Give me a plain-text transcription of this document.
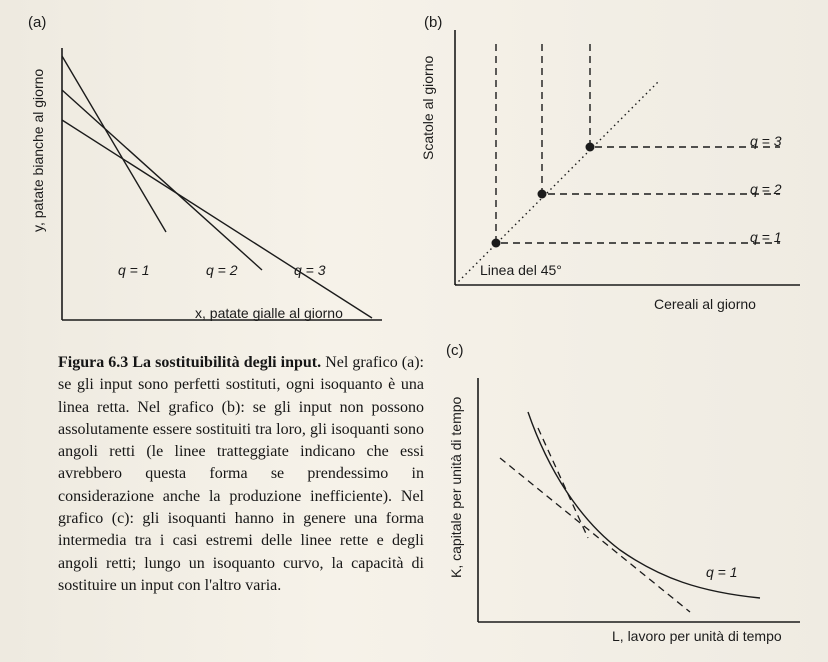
(a)
y, patate bianche al giorno
x, patate gialle al giorno
q = 1	q = 2	q = 3
(b)
Scatole al giorno
Cereali al giorno
Linea del 45°
q = 3
q = 2
q = 1
(c)
K, capitale per unità di tempo
L, lavoro per unità di tempo
q = 1
Figura 6.3 La sostituibilità degli input. Nel grafico (a): se gli input sono perfetti sostituti, ogni isoquanto è una linea retta. Nel grafico (b): se gli input non possono assolutamente essere sostituiti tra loro, gli isoquanti sono angoli retti (le linee tratteggiate indicano che essi avrebbero questa forma se prendessimo in considerazione anche la produzione inefficiente). Nel grafico (c): gli isoquanti hanno in genere una forma intermedia tra i casi estremi delle linee rette e degli angoli retti; lungo un isoquanto curvo, la capacità di sostituire un input con l'altro varia.
